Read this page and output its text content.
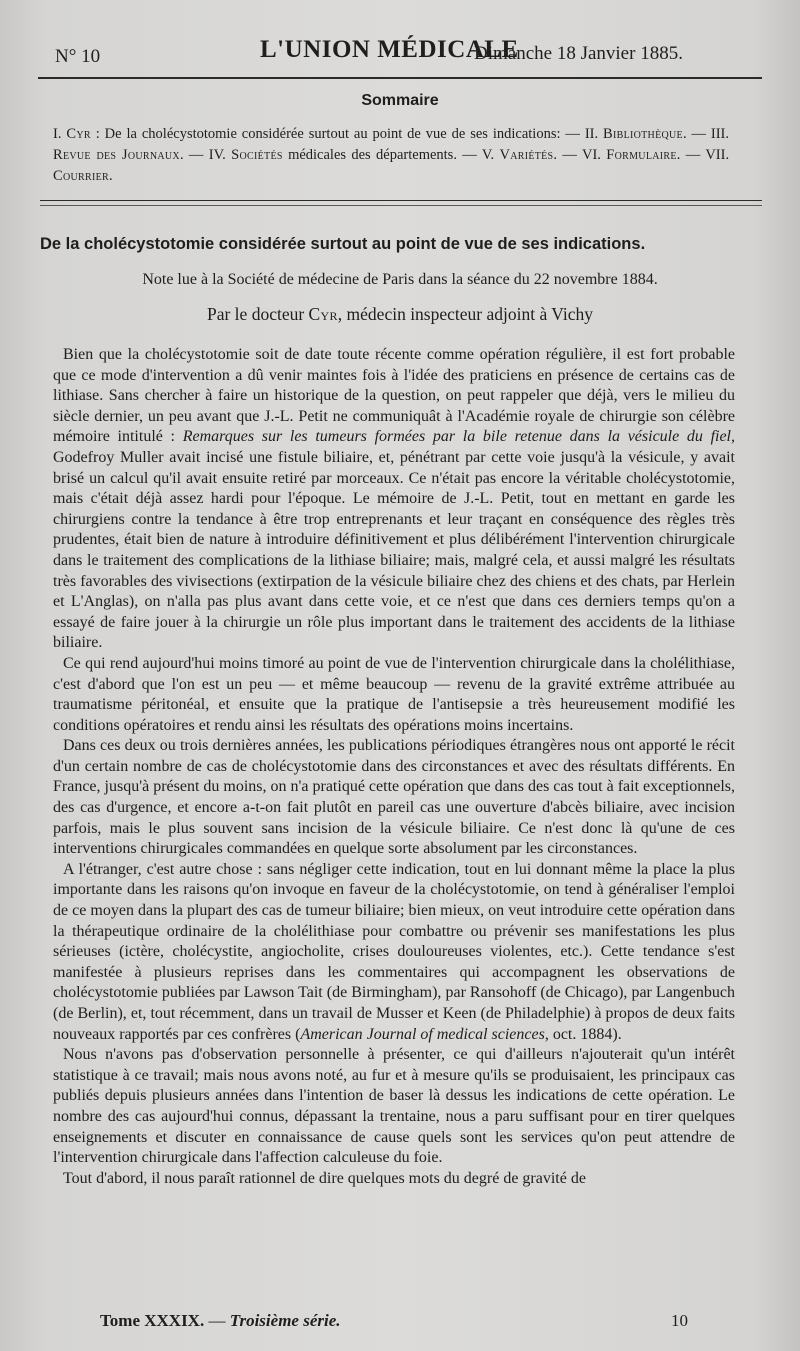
N° 10	L'UNION MÉDICALE
Dimanche 18 Janvier 1885.
Sommaire
I. Cyr : De la cholécystotomie considérée surtout au point de vue de ses indications: — II. Bibliothèque. — III. Revue des Journaux. — IV. Sociétés médicales des départements. — V. Variétés. — VI. Formulaire. — VII. Courrier.
De la cholécystotomie considérée surtout au point de vue de ses indications.
Note lue à la Société de médecine de Paris dans la séance du 22 novembre 1884.
Par le docteur Cyr, médecin inspecteur adjoint à Vichy

Bien que la cholécystotomie soit de date toute récente comme opération régulière, il est fort probable que ce mode d'intervention a dû venir maintes fois à l'idée des praticiens en présence de certains cas de lithiase. Sans chercher à faire un historique de la question, on peut rappeler que déjà, vers le milieu du siècle dernier, un peu avant que J.-L. Petit ne communiquât à l'Académie royale de chirurgie son célèbre mémoire intitulé : Remarques sur les tumeurs formées par la bile retenue dans la vésicule du fiel, Godefroy Muller avait incisé une fistule biliaire, et, pénétrant par cette voie jusqu'à la vésicule, y avait brisé un calcul qu'il avait ensuite retiré par morceaux. Ce n'était pas encore la véritable cholécystotomie, mais c'était déjà assez hardi pour l'époque. Le mémoire de J.-L. Petit, tout en mettant en garde les chirurgiens contre la tendance à être trop entreprenants et leur traçant en conséquence des règles très prudentes, était bien de nature à introduire définitivement et plus délibérément l'intervention chirurgicale dans le traitement des complications de la lithiase biliaire; mais, malgré cela, et aussi malgré les résultats très favorables des vivisections (extirpation de la vésicule biliaire chez des chiens et des chats, par Herlein et L'Anglas), on n'alla pas plus avant dans cette voie, et ce n'est que dans ces derniers temps qu'on a essayé de faire jouer à la chirurgie un rôle plus important dans le traitement des accidents de la lithiase biliaire.

Ce qui rend aujourd'hui moins timoré au point de vue de l'intervention chirurgicale dans la cholélithiase, c'est d'abord que l'on est un peu — et même beaucoup — revenu de la gravité extrême attribuée au traumatisme péritonéal, et ensuite que la pratique de l'antisepsie a très heureusement modifié les conditions opératoires et rendu ainsi les résultats des opérations moins incertains.

Dans ces deux ou trois dernières années, les publications périodiques étrangères nous ont apporté le récit d'un certain nombre de cas de cholécystotomie dans des circonstances et avec des résultats différents. En France, jusqu'à présent du moins, on n'a pratiqué cette opération que dans des cas tout à fait exceptionnels, des cas d'urgence, et encore a-t-on fait plutôt en pareil cas une ouverture d'abcès biliaire, avec incision parfois, mais le plus souvent sans incision de la vésicule biliaire. Ce n'est donc là qu'une de ces interventions chirurgicales commandées en quelque sorte absolument par les circonstances.

A l'étranger, c'est autre chose : sans négliger cette indication, tout en lui donnant même la place la plus importante dans les raisons qu'on invoque en faveur de la cholécystotomie, on tend à généraliser l'emploi de ce moyen dans la plupart des cas de tumeur biliaire; bien mieux, on veut introduire cette opération dans la thérapeutique ordinaire de la cholélithiase pour combattre ou prévenir ses manifestations les plus sérieuses (ictère, cholécystite, angiocholite, crises douloureuses violentes, etc.). Cette tendance s'est manifestée à plusieurs reprises dans les commentaires qui accompagnent les observations de cholécystotomie publiées par Lawson Tait (de Birmingham), par Ransohoff (de Chicago), par Langenbuch (de Berlin), et, tout récemment, dans un travail de Musser et Keen (de Philadelphie) à propos de deux faits nouveaux rapportés par ces confrères (American Journal of medical sciences, oct. 1884).

Nous n'avons pas d'observation personnelle à présenter, ce qui d'ailleurs n'ajouterait qu'un intérêt statistique à ce travail; mais nous avons noté, au fur et à mesure qu'ils se produisaient, les principaux cas publiés depuis plusieurs années dans l'intention de baser là dessus les indications de cette opération. Le nombre des cas aujourd'hui connus, dépassant la trentaine, nous a paru suffisant pour en tirer quelques enseignements et discuter en connaissance de cause quels sont les services qu'on peut attendre de l'intervention chirurgicale dans l'affection calculeuse du foie.

Tout d'abord, il nous paraît rationnel de dire quelques mots du degré de gravité de

Tome XXXIX. — Troisième série.	10
